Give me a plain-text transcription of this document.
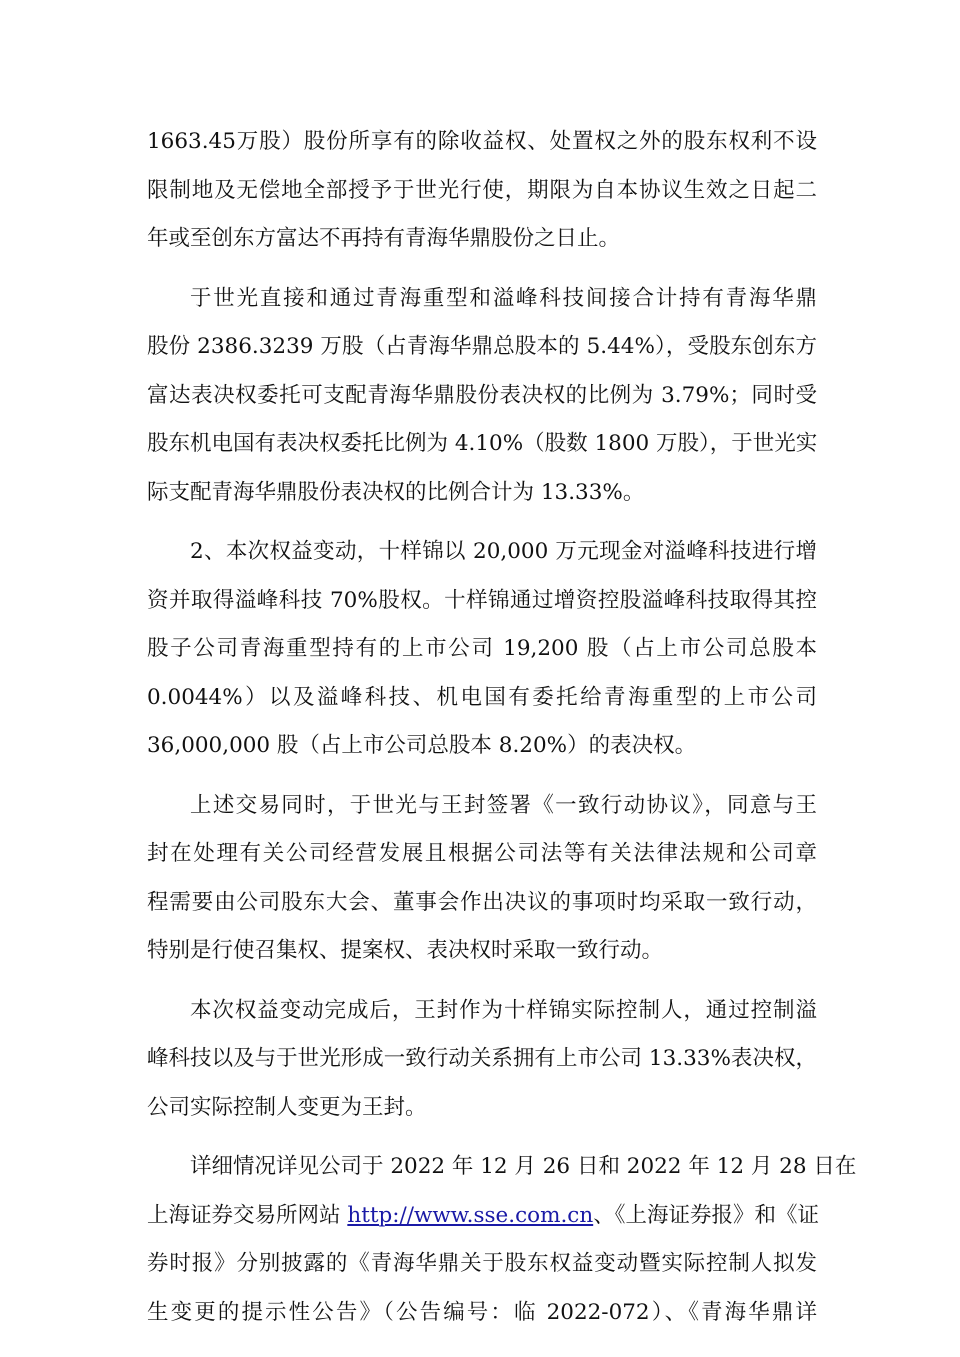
1663.45万股）股份所享有的除收益权、处置权之外的股东权利不设
限制地及无偿地全部授予于世光行使，期限为自本协议生效之日起二
年或至创东方富达不再持有青海华鼎股份之日止。

于世光直接和通过青海重型和溢峰科技间接合计持有青海华鼎
股份 2386.3239 万股（占青海华鼎总股本的 5.44%），受股东创东方
富达表决权委托可支配青海华鼎股份表决权的比例为 3.79%；同时受
股东机电国有表决权委托比例为 4.10%（股数 1800 万股），于世光实
际支配青海华鼎股份表决权的比例合计为 13.33%。

2、本次权益变动，十样锦以 20,000 万元现金对溢峰科技进行增
资并取得溢峰科技 70%股权。十样锦通过增资控股溢峰科技取得其控
股子公司青海重型持有的上市公司 19,200 股（占上市公司总股本
0.0044%）以及溢峰科技、机电国有委托给青海重型的上市公司
36,000,000 股（占上市公司总股本 8.20%）的表决权。

上述交易同时，于世光与王封签署《一致行动协议》，同意与王
封在处理有关公司经营发展且根据公司法等有关法律法规和公司章
程需要由公司股东大会、董事会作出决议的事项时均采取一致行动，
特别是行使召集权、提案权、表决权时采取一致行动。

本次权益变动完成后，王封作为十样锦实际控制人，通过控制溢
峰科技以及与于世光形成一致行动关系拥有上市公司 13.33%表决权，
公司实际控制人变更为王封。

详细情况详见公司于 2022 年 12 月 26 日和 2022 年 12 月 28 日在
上海证券交易所网站 http://www.sse.com.cn、《上海证券报》和《证
券时报》分别披露的《青海华鼎关于股东权益变动暨实际控制人拟发
生变更的提示性公告》（公告编号：临 2022-072）、《青海华鼎详
